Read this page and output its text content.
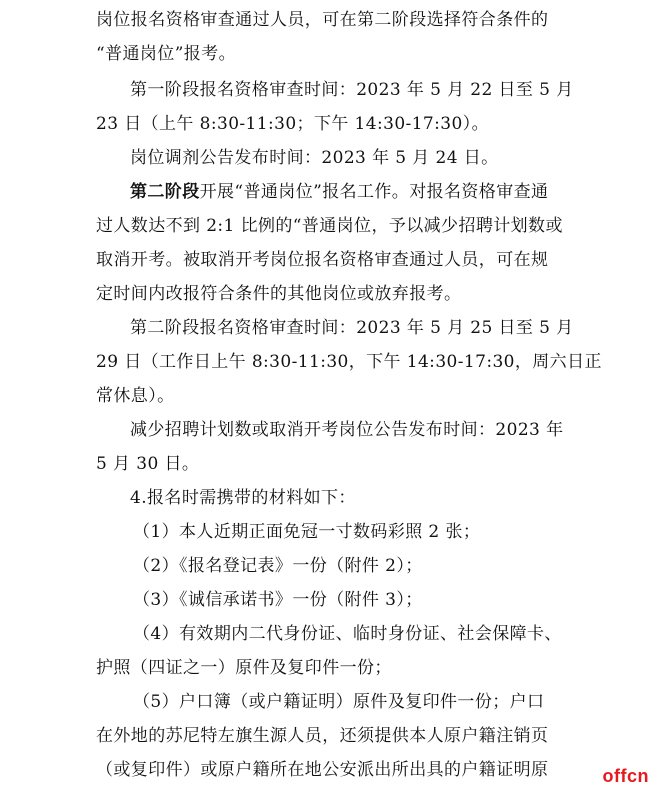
岗位报名资格审查通过人员，可在第二阶段选择符合条件的
“普通岗位”报考。
第一阶段报名资格审查时间：2023 年 5 月 22 日至 5 月
23 日（上午 8:30-11:30；下午 14:30-17:30）。
岗位调剂公告发布时间：2023 年 5 月 24 日。
第二阶段开展“普通岗位”报名工作。对报名资格审查通
过人数达不到 2:1 比例的“普通岗位，予以减少招聘计划数或
取消开考。被取消开考岗位报名资格审查通过人员，可在规
定时间内改报符合条件的其他岗位或放弃报考。
第二阶段报名资格审查时间：2023 年 5 月 25 日至 5 月
29 日（工作日上午 8:30-11:30，下午 14:30-17:30，周六日正
常休息）。
减少招聘计划数或取消开考岗位公告发布时间：2023 年
5 月 30 日。
4.报名时需携带的材料如下：
（1）本人近期正面免冠一寸数码彩照 2 张；
（2）《报名登记表》一份（附件 2）；
（3）《诚信承诺书》一份（附件 3）；
（4）有效期内二代身份证、临时身份证、社会保障卡、
护照（四证之一）原件及复印件一份；
（5）户口簿（或户籍证明）原件及复印件一份；户口
在外地的苏尼特左旗生源人员，还须提供本人原户籍注销页
（或复印件）或原户籍所在地公安派出所出具的户籍证明原	offcn
